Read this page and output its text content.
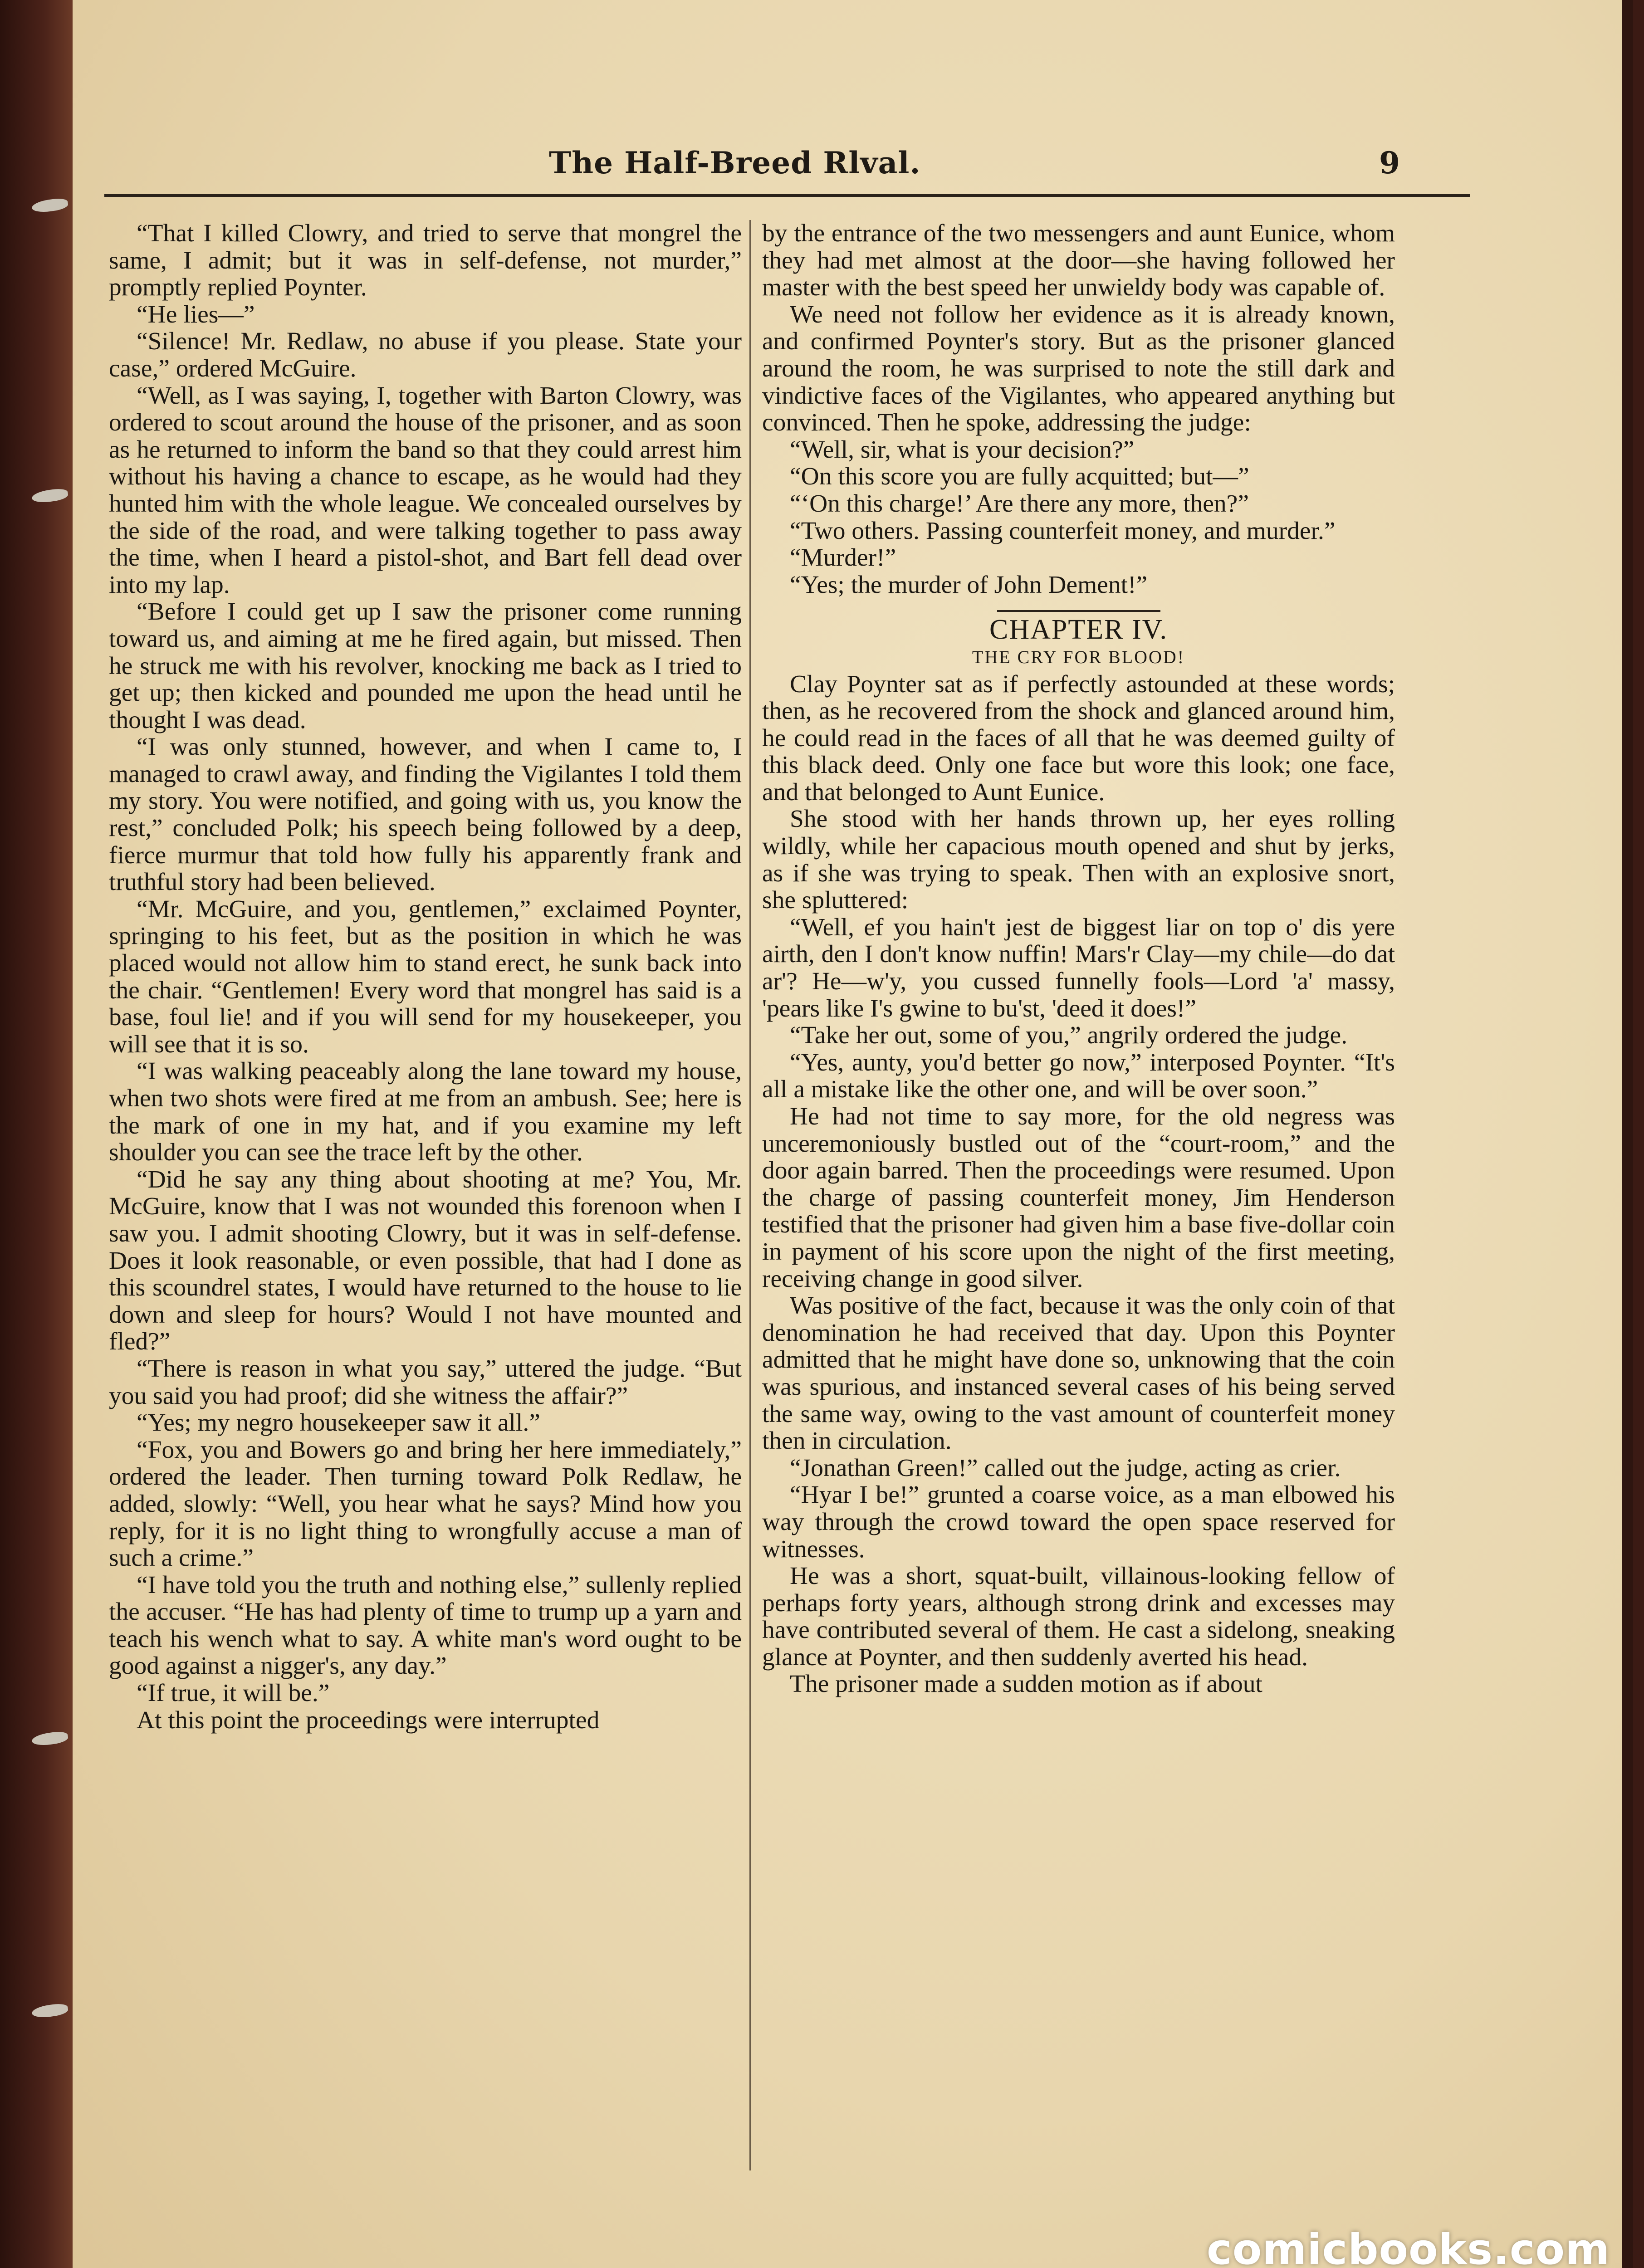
The Half-Breed Rlval.	9

“That I killed Clowry, and tried to serve that mongrel the same, I admit; but it was in self-defense, not murder,” promptly replied Poynter.

“He lies—”

“Silence! Mr. Redlaw, no abuse if you please. State your case,” ordered McGuire.

“Well, as I was saying, I, together with Barton Clowry, was ordered to scout around the house of the prisoner, and as soon as he returned to inform the band so that they could arrest him without his having a chance to escape, as he would had they hunted him with the whole league. We concealed ourselves by the side of the road, and were talking together to pass away the time, when I heard a pistol-shot, and Bart fell dead over into my lap.

“Before I could get up I saw the prisoner come running toward us, and aiming at me he fired again, but missed. Then he struck me with his revolver, knocking me back as I tried to get up; then kicked and pounded me upon the head until he thought I was dead.

“I was only stunned, however, and when I came to, I managed to crawl away, and finding the Vigilantes I told them my story. You were notified, and going with us, you know the rest,” concluded Polk; his speech being followed by a deep, fierce murmur that told how fully his apparently frank and truthful story had been believed.

“Mr. McGuire, and you, gentlemen,” exclaimed Poynter, springing to his feet, but as the position in which he was placed would not allow him to stand erect, he sunk back into the chair. “Gentlemen! Every word that mongrel has said is a base, foul lie! and if you will send for my housekeeper, you will see that it is so.

“I was walking peaceably along the lane toward my house, when two shots were fired at me from an ambush. See; here is the mark of one in my hat, and if you examine my left shoulder you can see the trace left by the other.

“Did he say any thing about shooting at me? You, Mr. McGuire, know that I was not wounded this forenoon when I saw you. I admit shooting Clowry, but it was in self-defense. Does it look reasonable, or even possible, that had I done as this scoundrel states, I would have returned to the house to lie down and sleep for hours? Would I not have mounted and fled?”

“There is reason in what you say,” uttered the judge. “But you said you had proof; did she witness the affair?”

“Yes; my negro housekeeper saw it all.”

“Fox, you and Bowers go and bring her here immediately,” ordered the leader. Then turning toward Polk Redlaw, he added, slowly: “Well, you hear what he says? Mind how you reply, for it is no light thing to wrongfully accuse a man of such a crime.”

“I have told you the truth and nothing else,” sullenly replied the accuser. “He has had plenty of time to trump up a yarn and teach his wench what to say. A white man's word ought to be good against a nigger's, any day.”

“If true, it will be.”

At this point the proceedings were interrupted

by the entrance of the two messengers and aunt Eunice, whom they had met almost at the door—she having followed her master with the best speed her unwieldy body was capable of.

We need not follow her evidence as it is already known, and confirmed Poynter's story. But as the prisoner glanced around the room, he was surprised to note the still dark and vindictive faces of the Vigilantes, who appeared anything but convinced. Then he spoke, addressing the judge:

“Well, sir, what is your decision?”

“On this score you are fully acquitted; but—”

“‘On this charge!’ Are there any more, then?”

“Two others. Passing counterfeit money, and murder.”

“Murder!”

“Yes; the murder of John Dement!”

CHAPTER IV.

THE CRY FOR BLOOD!

Clay Poynter sat as if perfectly astounded at these words; then, as he recovered from the shock and glanced around him, he could read in the faces of all that he was deemed guilty of this black deed. Only one face but wore this look; one face, and that belonged to Aunt Eunice.

She stood with her hands thrown up, her eyes rolling wildly, while her capacious mouth opened and shut by jerks, as if she was trying to speak. Then with an explosive snort, she spluttered:

“Well, ef you hain't jest de biggest liar on top o' dis yere airth, den I don't know nuffin! Mars'r Clay—my chile—do dat ar'? He—w'y, you cussed funnelly fools—Lord 'a' massy, 'pears like I's gwine to bu'st, 'deed it does!”

“Take her out, some of you,” angrily ordered the judge.

“Yes, aunty, you'd better go now,” interposed Poynter. “It's all a mistake like the other one, and will be over soon.”

He had not time to say more, for the old negress was unceremoniously bustled out of the “court-room,” and the door again barred. Then the proceedings were resumed. Upon the charge of passing counterfeit money, Jim Henderson testified that the prisoner had given him a base five-dollar coin in payment of his score upon the night of the first meeting, receiving change in good silver.

Was positive of the fact, because it was the only coin of that denomination he had received that day. Upon this Poynter admitted that he might have done so, unknowing that the coin was spurious, and instanced several cases of his being served the same way, owing to the vast amount of counterfeit money then in circulation.

“Jonathan Green!” called out the judge, acting as crier.

“Hyar I be!” grunted a coarse voice, as a man elbowed his way through the crowd toward the open space reserved for witnesses.

He was a short, squat-built, villainous-looking fellow of perhaps forty years, although strong drink and excesses may have contributed several of them. He cast a sidelong, sneaking glance at Poynter, and then suddenly averted his head.

The prisoner made a sudden motion as if about

comicbooks.com
